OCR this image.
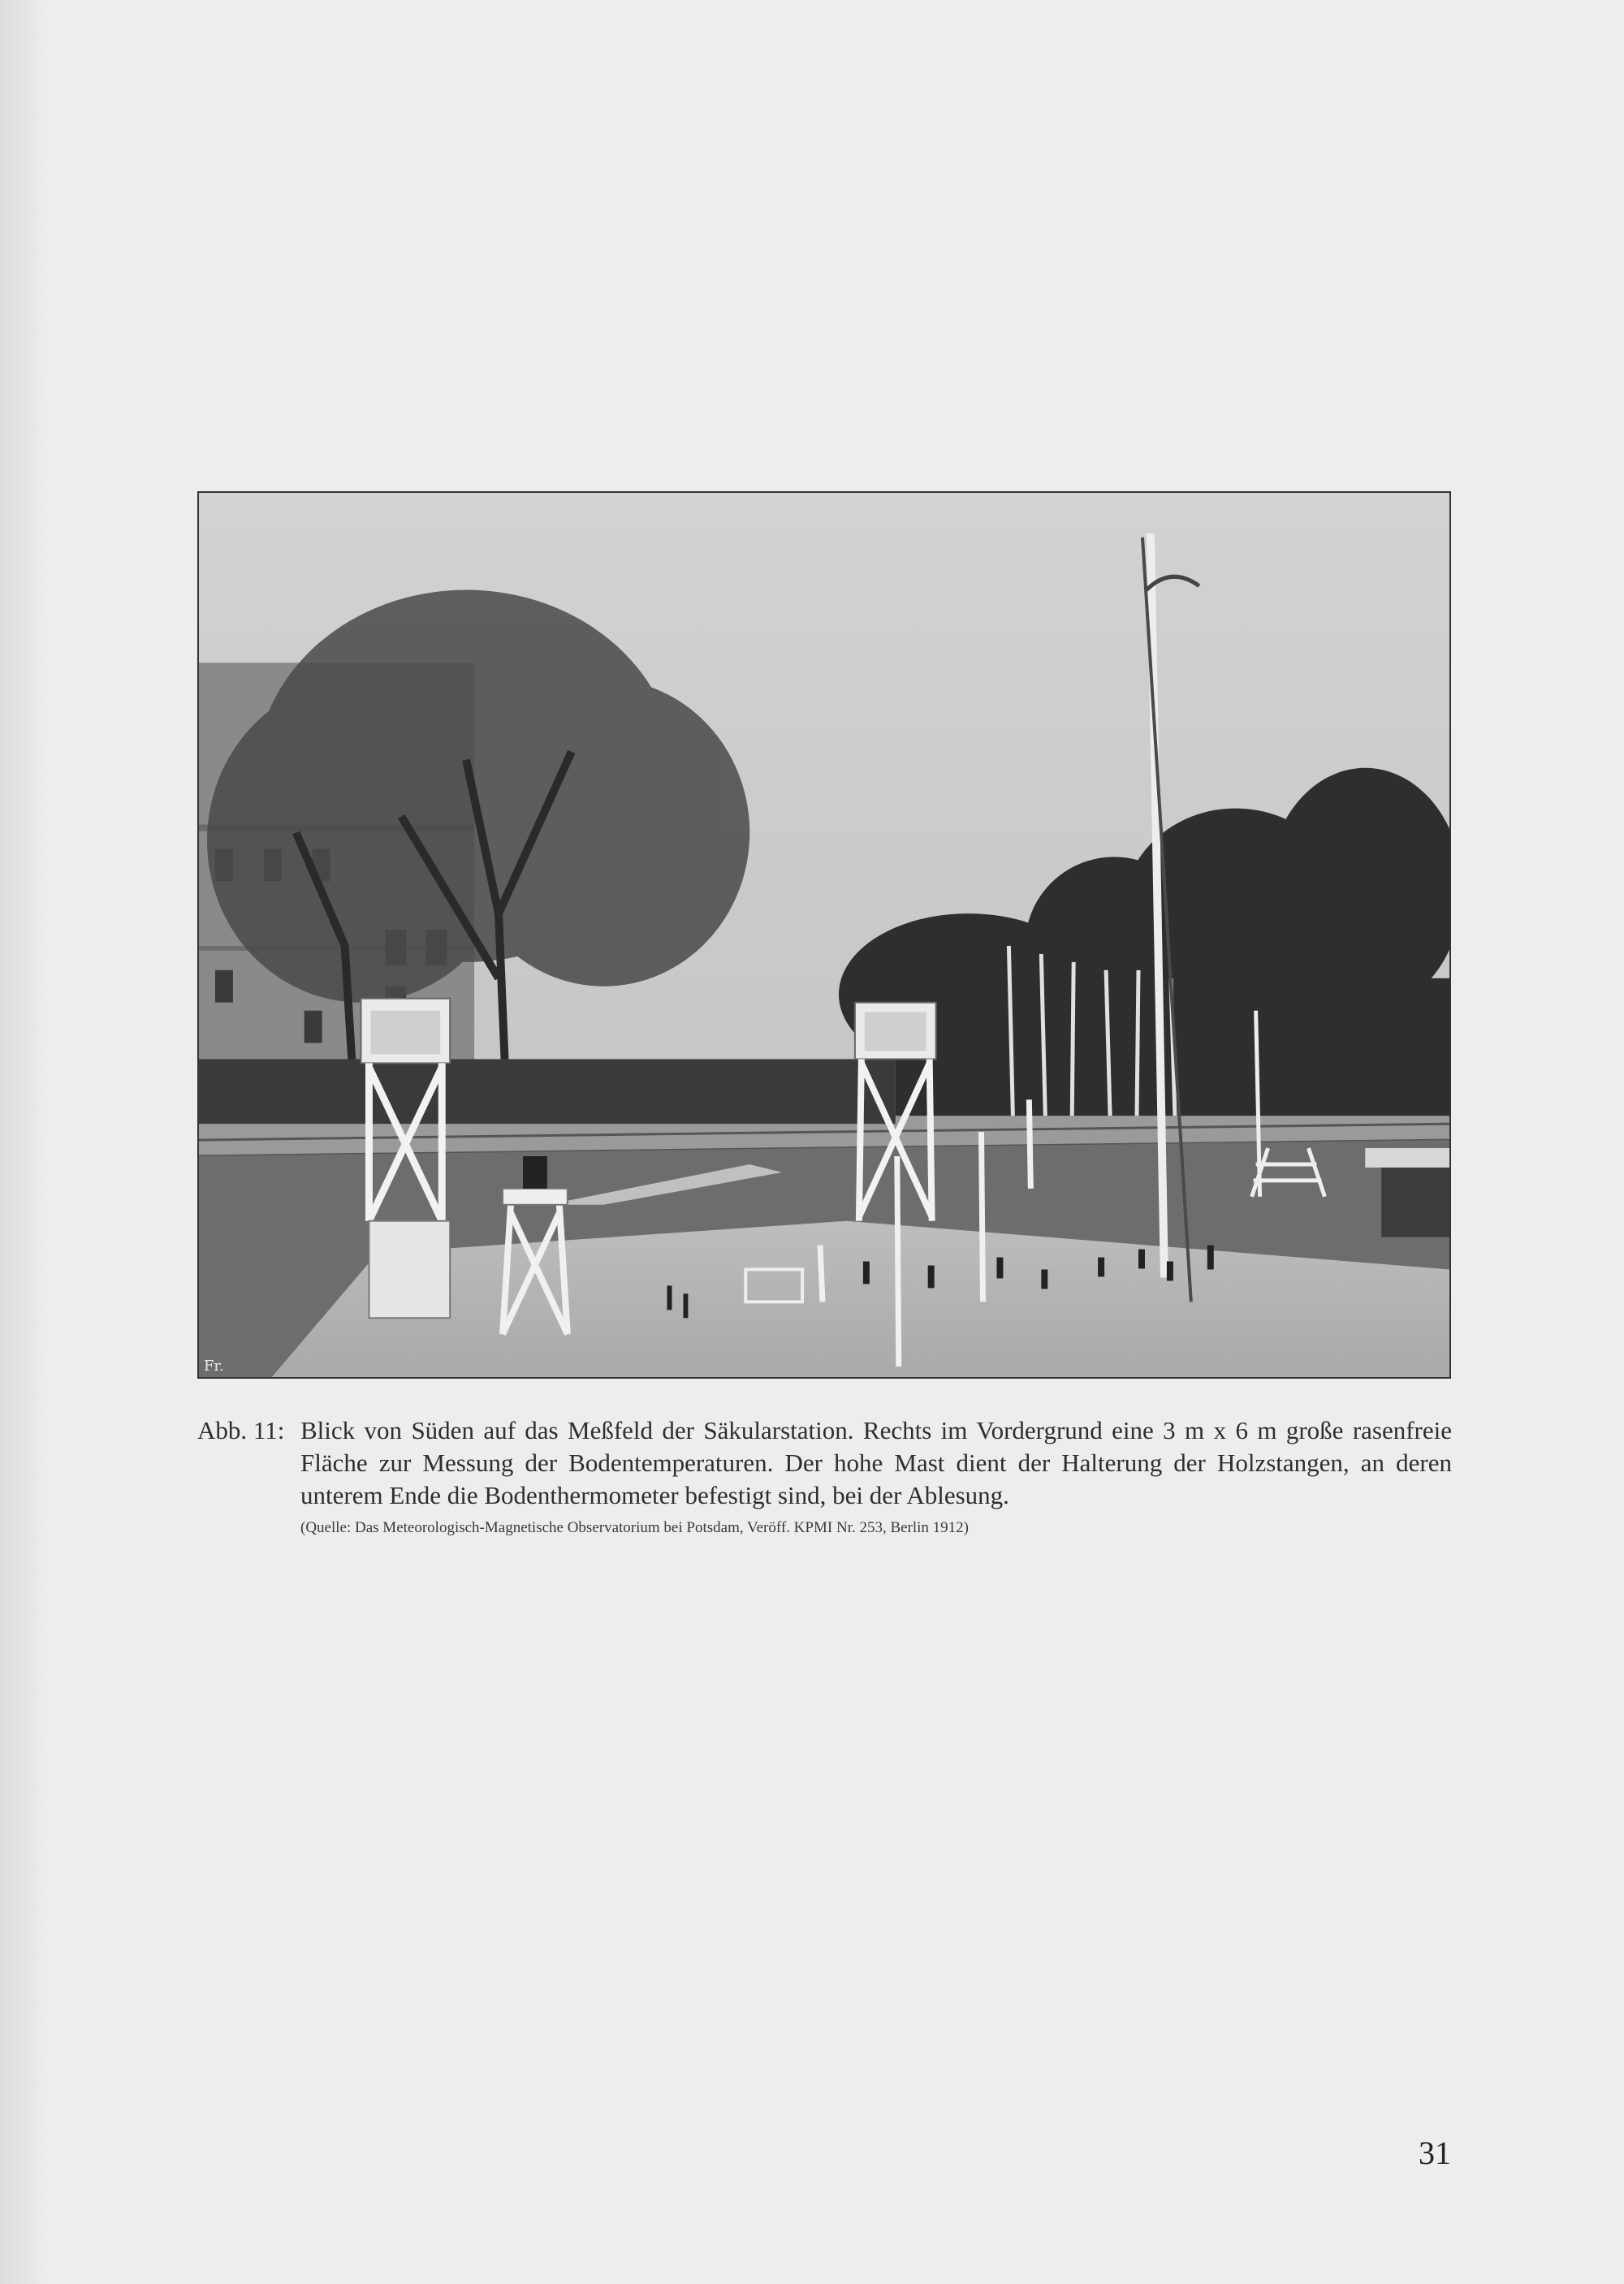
Fr.
Abb. 11: Blick von Süden auf das Meßfeld der Säkularstation. Rechts im Vordergrund eine 3 m x 6 m große rasenfreie Fläche zur Messung der Bodentemperaturen. Der hohe Mast dient der Halterung der Holzstangen, an deren unterem Ende die Bodenthermometer befestigt sind, bei der Ablesung.
(Quelle: Das Meteorologisch-Magnetische Observatorium bei Potsdam, Veröff. KPMI Nr. 253, Berlin 1912)
31
